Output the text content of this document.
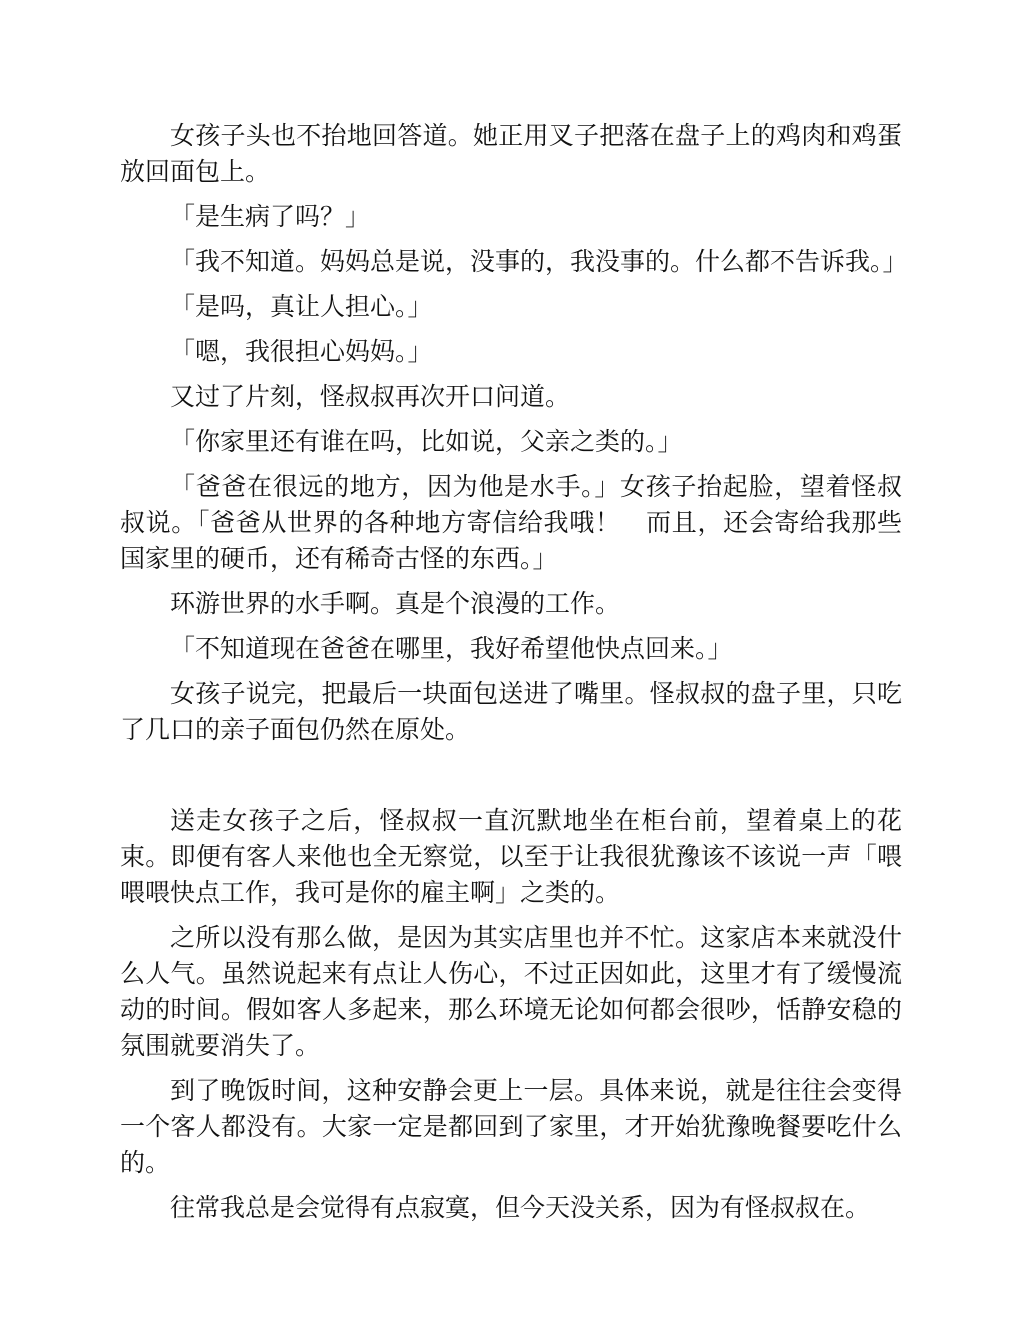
女孩子头也不抬地回答道。她正用叉子把落在盘子上的鸡肉和鸡蛋放回面包上。

「是生病了吗？」

「我不知道。妈妈总是说，没事的，我没事的。什么都不告诉我。」

「是吗，真让人担心。」

「嗯，我很担心妈妈。」

又过了片刻，怪叔叔再次开口问道。

「你家里还有谁在吗，比如说，父亲之类的。」

「爸爸在很远的地方，因为他是水手。」女孩子抬起脸，望着怪叔叔说。「爸爸从世界的各种地方寄信给我哦！　而且，还会寄给我那些国家里的硬币，还有稀奇古怪的东西。」

环游世界的水手啊。真是个浪漫的工作。

「不知道现在爸爸在哪里，我好希望他快点回来。」

女孩子说完，把最后一块面包送进了嘴里。怪叔叔的盘子里，只吃了几口的亲子面包仍然在原处。

送走女孩子之后，怪叔叔一直沉默地坐在柜台前，望着桌上的花束。即便有客人来他也全无察觉，以至于让我很犹豫该不该说一声「喂喂喂快点工作，我可是你的雇主啊」之类的。

之所以没有那么做，是因为其实店里也并不忙。这家店本来就没什么人气。虽然说起来有点让人伤心，不过正因如此，这里才有了缓慢流动的时间。假如客人多起来，那么环境无论如何都会很吵，恬静安稳的氛围就要消失了。

到了晚饭时间，这种安静会更上一层。具体来说，就是往往会变得一个客人都没有。大家一定是都回到了家里，才开始犹豫晚餐要吃什么的。

往常我总是会觉得有点寂寞，但今天没关系，因为有怪叔叔在。
